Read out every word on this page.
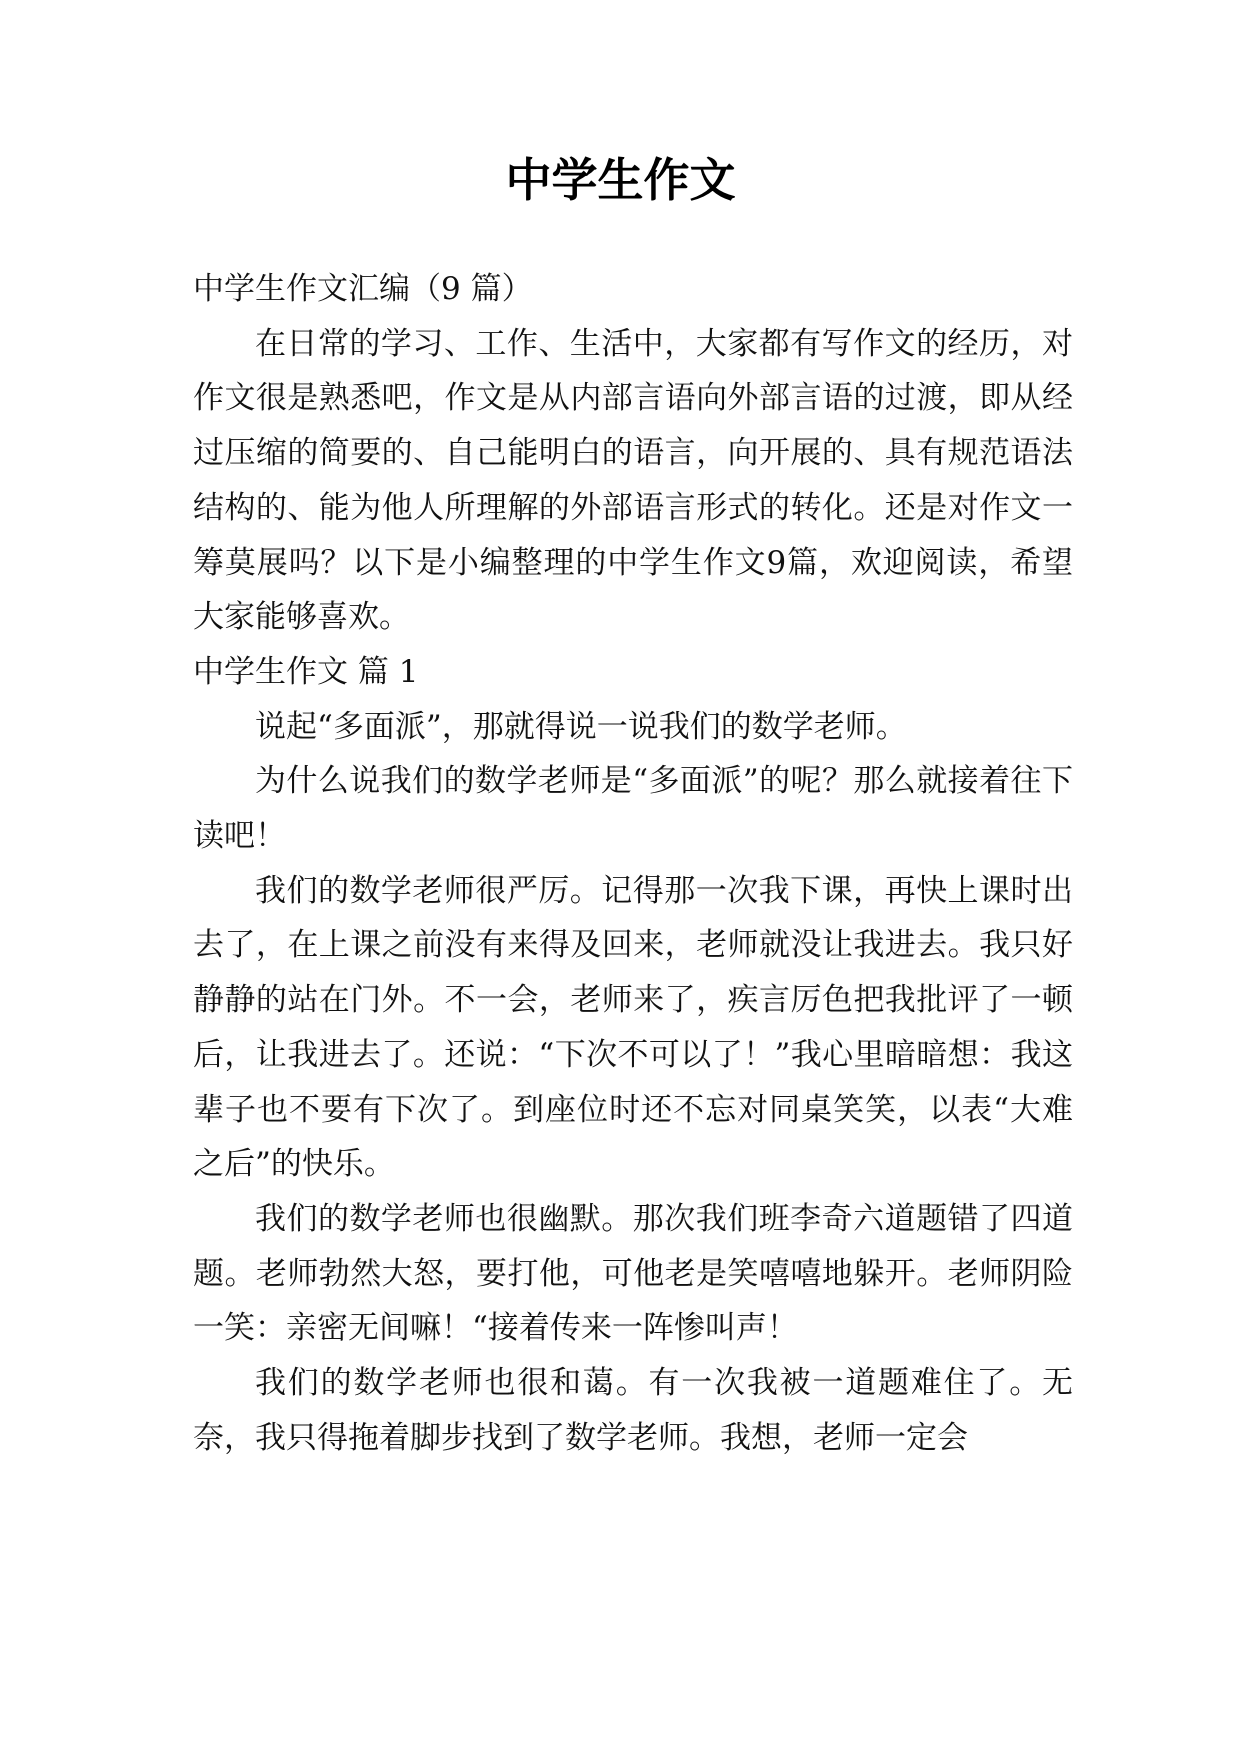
中学生作文

中学生作文汇编（9 篇）

在日常的学习、工作、生活中，大家都有写作文的经历，对作文很是熟悉吧，作文是从内部言语向外部言语的过渡，即从经过压缩的简要的、自己能明白的语言，向开展的、具有规范语法结构的、能为他人所理解的外部语言形式的转化。还是对作文一筹莫展吗？以下是小编整理的中学生作文9篇，欢迎阅读，希望大家能够喜欢。

中学生作文 篇 1

说起“多面派”，那就得说一说我们的数学老师。

为什么说我们的数学老师是“多面派”的呢？那么就接着往下读吧！

我们的数学老师很严厉。记得那一次我下课，再快上课时出去了，在上课之前没有来得及回来，老师就没让我进去。我只好静静的站在门外。不一会，老师来了，疾言厉色把我批评了一顿后，让我进去了。还说：“下次不可以了！”我心里暗暗想：我这辈子也不要有下次了。到座位时还不忘对同桌笑笑，以表“大难之后”的快乐。

我们的数学老师也很幽默。那次我们班李奇六道题错了四道题。老师勃然大怒，要打他，可他老是笑嘻嘻地躲开。老师阴险一笑：亲密无间嘛！“接着传来一阵惨叫声！

我们的数学老师也很和蔼。有一次我被一道题难住了。无奈，我只得拖着脚步找到了数学老师。我想，老师一定会
